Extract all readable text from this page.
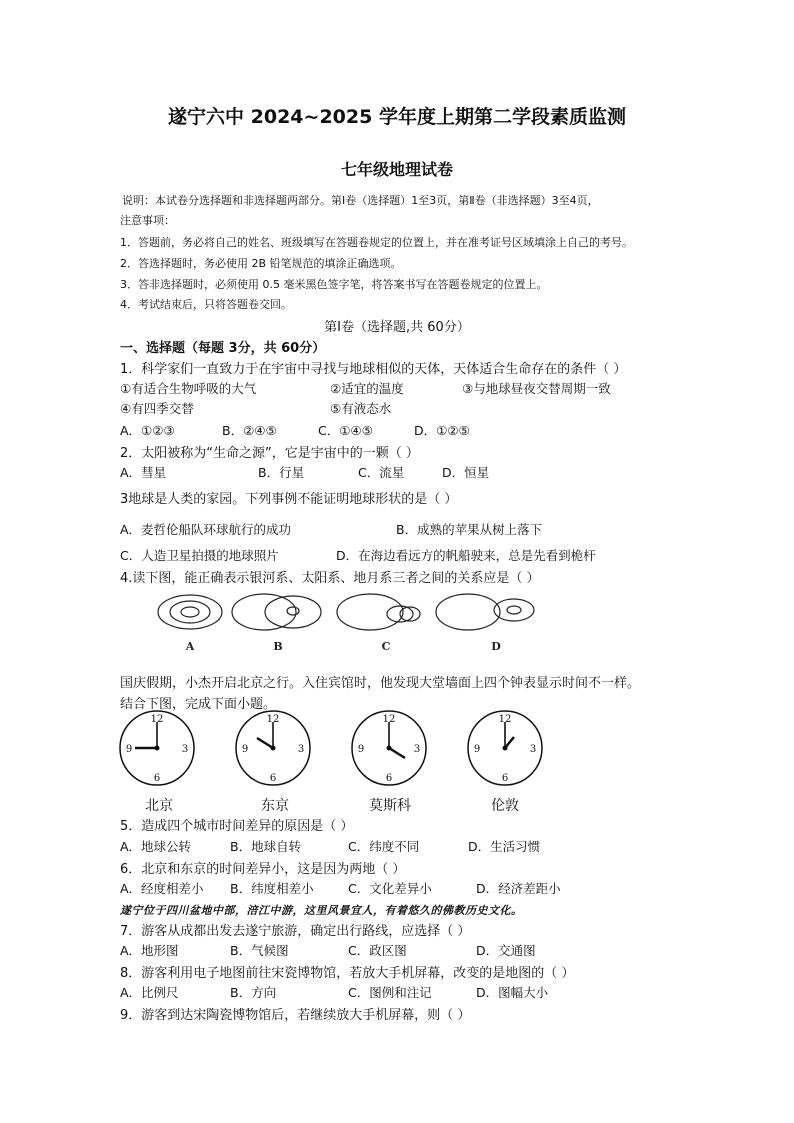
遂宁六中 2024~2025 学年度上期第二学段素质监测
七年级地理试卷
说明：本试卷分选择题和非选择题两部分。第Ⅰ卷（选择题）1至3页，第Ⅱ卷（非选择题）3至4页，
注意事项：
1．答题前，务必将自己的姓名、班级填写在答题卷规定的位置上，并在准考证号区域填涂上自己的考号。
2．答选择题时，务必使用 2B 铅笔规范的填涂正确选项。
3．答非选择题时，必须使用 0.5 毫米黑色签字笔，将答案书写在答题卷规定的位置上。
4．考试结束后，只将答题卷交回。
第Ⅰ卷（选择题,共 60分）
一、选择题（每题 3分，共 60分）
1．科学家们一直致力于在宇宙中寻找与地球相似的天体，天体适合生命存在的条件（ ）
①有适合生物呼吸的大气	②适宜的温度	③与地球昼夜交替周期一致
④有四季交替	⑤有液态水
A．①②③	B．②④⑤	C．①④⑤	D．①②⑤
2．太阳被称为“生命之源”，它是宇宙中的一颗（ ）
A．彗星	B．行星	C．流星	D．恒星
3地球是人类的家园。下列事例不能证明地球形状的是（ ）
A．麦哲伦船队环球航行的成功	B．成熟的苹果从树上落下
C．人造卫星拍摄的地球照片	D．在海边看远方的帆船驶来，总是先看到桅杆
4.读下图，能正确表示银河系、太阳系、地月系三者之间的关系应是（ ）
A	B	C	D
国庆假期，小杰开启北京之行。入住宾馆时，他发现大堂墙面上四个钟表显示时间不一样。
结合下图，完成下面小题。
12
3
6
9
12
3
6
9
12
3
6
9
12
3
6
9
北京	东京	莫斯科	伦敦
5．造成四个城市时间差异的原因是（ ）
A．地球公转	B．地球自转	C．纬度不同	D．生活习惯
6．北京和东京的时间差异小，这是因为两地（ ）
A．经度相差小 B．纬度相差小	C．文化差异小	D．经济差距小
遂宁位于四川盆地中部，涪江中游，这里风景宜人，有着悠久的佛教历史文化。
7．游客从成都出发去遂宁旅游，确定出行路线，应选择（ ）
A．地形图	B．气候图	C．政区图	D．交通图
8．游客利用电子地图前往宋瓷博物馆，若放大手机屏幕，改变的是地图的（ ）
A．比例尺	B．方向	C．图例和注记	D．图幅大小
9．游客到达宋陶瓷博物馆后，若继续放大手机屏幕，则（ ）
